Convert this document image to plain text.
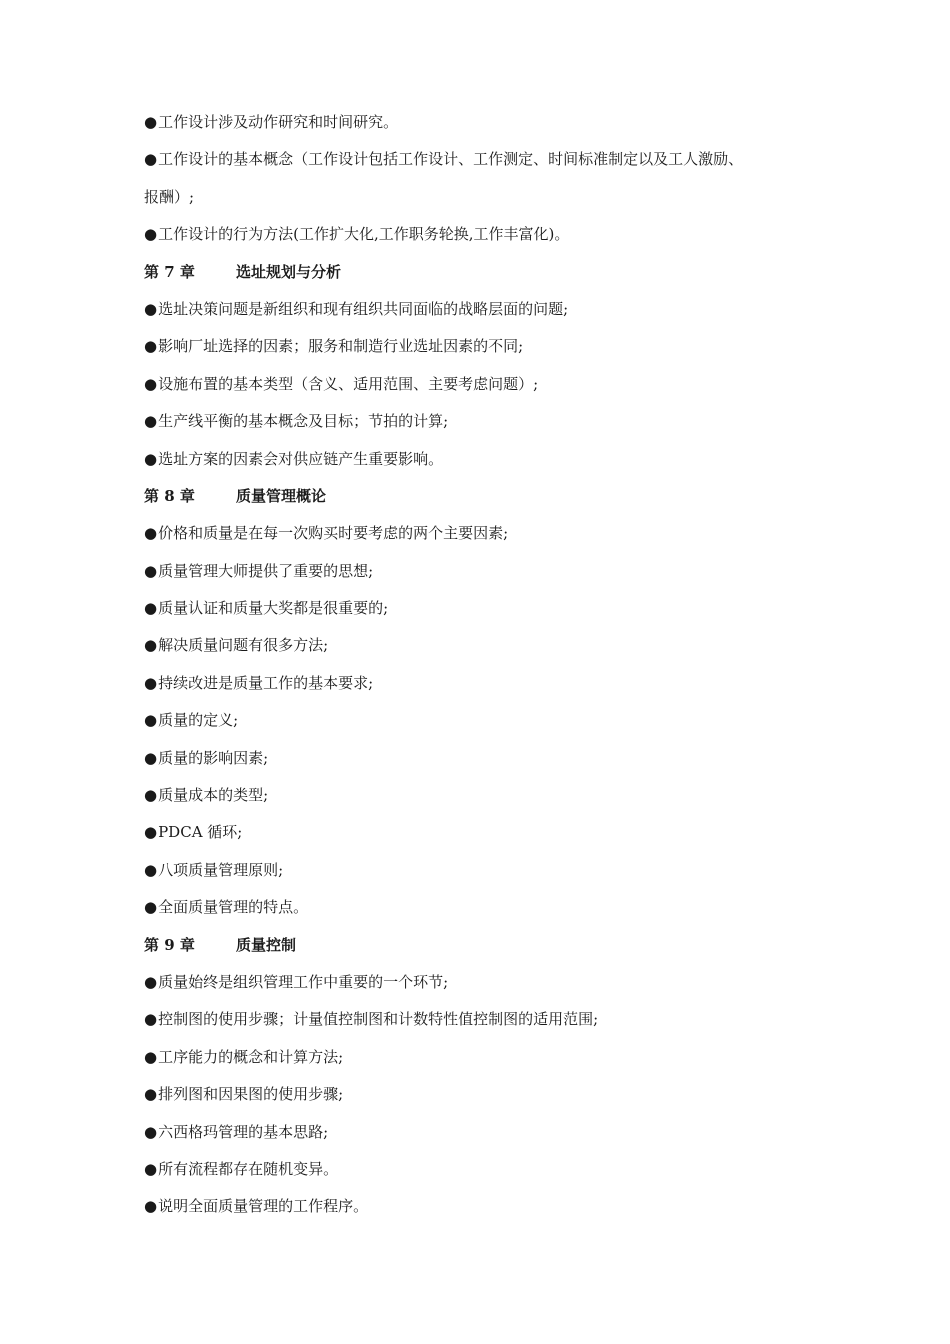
●工作设计涉及动作研究和时间研究。
●工作设计的基本概念（工作设计包括工作设计、工作测定、时间标准制定以及工人激励、
报酬）;
●工作设计的行为方法(工作扩大化,工作职务轮换,工作丰富化)。
第 7 章	选址规划与分析
●选址决策问题是新组织和现有组织共同面临的战略层面的问题;
●影响厂址选择的因素；服务和制造行业选址因素的不同;
●设施布置的基本类型（含义、适用范围、主要考虑问题）;
●生产线平衡的基本概念及目标；节拍的计算;
●选址方案的因素会对供应链产生重要影响。
第 8 章	质量管理概论
●价格和质量是在每一次购买时要考虑的两个主要因素;
●质量管理大师提供了重要的思想;
●质量认证和质量大奖都是很重要的;
●解决质量问题有很多方法;
●持续改进是质量工作的基本要求;
●质量的定义;
●质量的影响因素;
●质量成本的类型;
●PDCA 循环;
●八项质量管理原则;
●全面质量管理的特点。
第 9 章	质量控制
●质量始终是组织管理工作中重要的一个环节;
●控制图的使用步骤；计量值控制图和计数特性值控制图的适用范围;
●工序能力的概念和计算方法;
●排列图和因果图的使用步骤;
●六西格玛管理的基本思路;
●所有流程都存在随机变异。
●说明全面质量管理的工作程序。
